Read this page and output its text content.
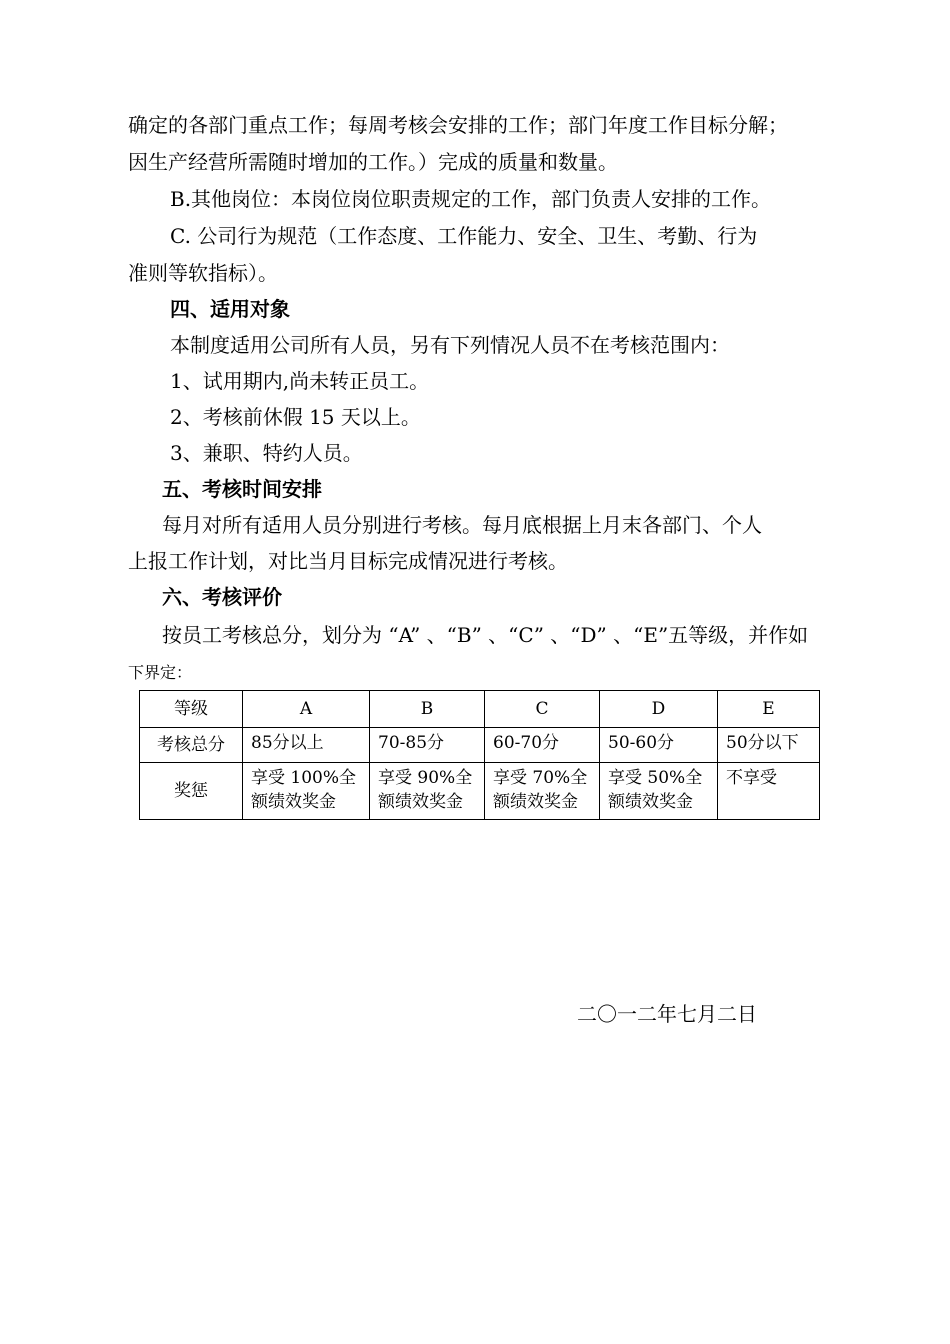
确定的各部门重点工作；每周考核会安排的工作；部门年度工作目标分解；
因生产经营所需随时增加的工作。）完成的质量和数量。
B.其他岗位：本岗位岗位职责规定的工作，部门负责人安排的工作。
C. 公司行为规范（工作态度、工作能力、安全、卫生、考勤、行为
准则等软指标）。
四、适用对象
本制度适用公司所有人员，另有下列情况人员不在考核范围内：
1、试用期内,尚未转正员工。
2、考核前休假 15 天以上。
3、兼职、特约人员。
五、考核时间安排
每月对所有适用人员分别进行考核。每月底根据上月末各部门、个人
上报工作计划，对比当月目标完成情况进行考核。
六、考核评价
按员工考核总分，划分为 “A” 、“B” 、“C” 、“D” 、“E”五等级，并作如
下界定：
等级	A	B	C	D	E
考核总分	85分以上	70-85分	60-70分	50-60分	50分以下
奖惩	享受 100%全额绩效奖金	享受 90%全额绩效奖金	享受 70%全额绩效奖金	享受 50%全额绩效奖金	不享受
二〇一二年七月二日
